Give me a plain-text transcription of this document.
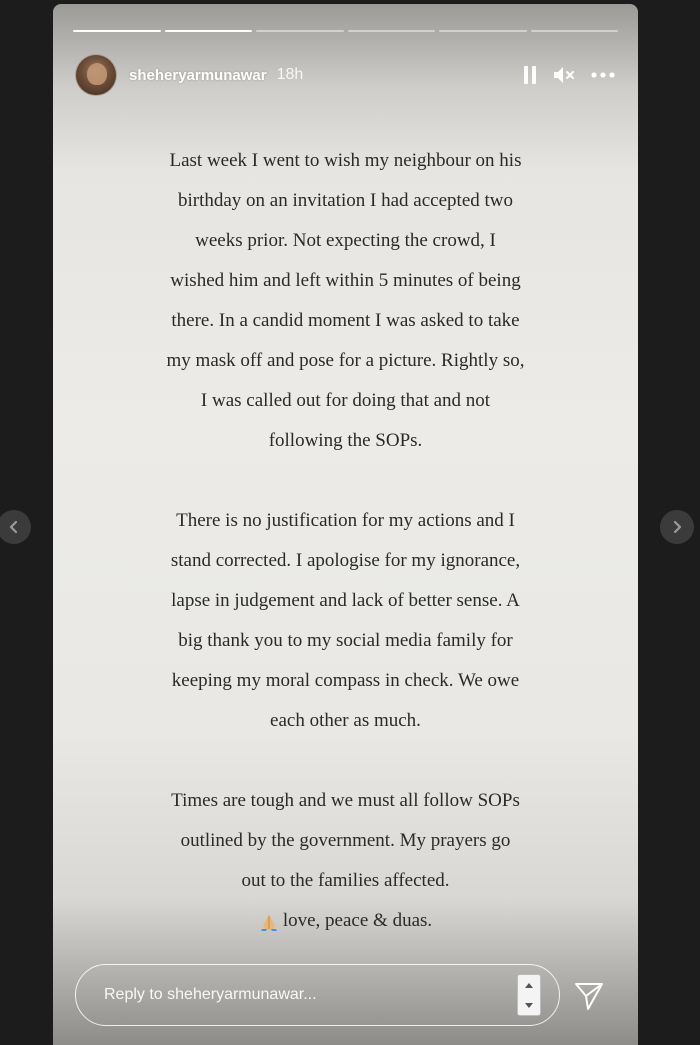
sheheryarmunawar 18h

Last week I went to wish my neighbour on his

birthday on an invitation I had accepted two

weeks prior. Not expecting the crowd, I

wished him and left within 5 minutes of being

there. In a candid moment I was asked to take

my mask off and pose for a picture. Rightly so,

I was called out for doing that and not

following the SOPs.

There is no justification for my actions and I

stand corrected. I apologise for my ignorance,

lapse in judgement and lack of better sense. A

big thank you to my social media family for

keeping my moral compass in check. We owe

each other as much.

Times are tough and we must all follow SOPs

outlined by the government. My prayers go

out to the families affected.

love, peace & duas.

Reply to sheheryarmunawar...
